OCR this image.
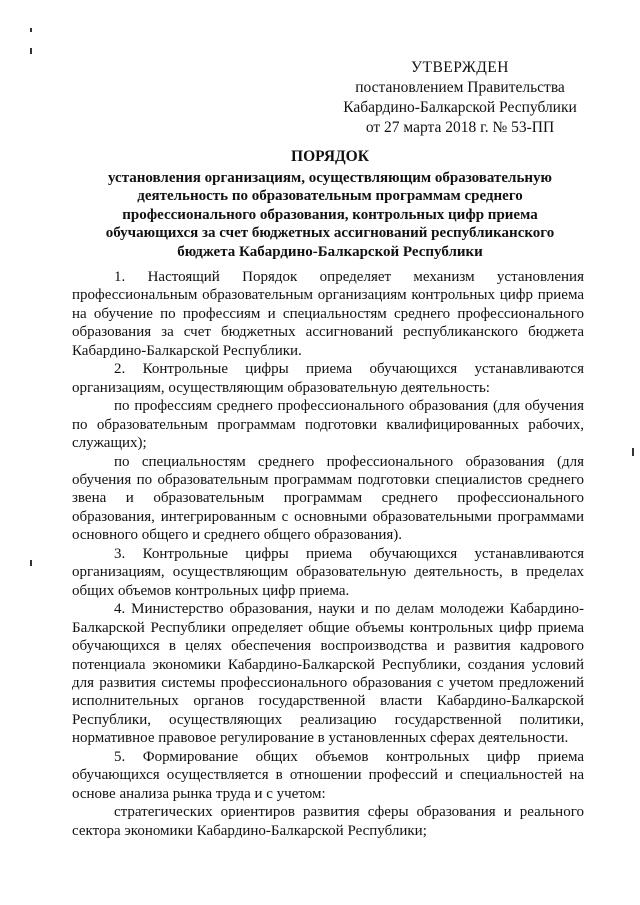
УТВЕРЖДЕН
постановлением Правительства
Кабардино-Балкарской Республики
от 27 марта 2018 г. № 53-ПП
ПОРЯДОК
установления организациям, осуществляющим образовательную
деятельность по образовательным программам среднего
профессионального образования, контрольных цифр приема
обучающихся за счет бюджетных ассигнований республиканского
бюджета Кабардино-Балкарской Республики

1. Настоящий Порядок определяет механизм установления профессиональным образовательным организациям контрольных цифр приема на обучение по профессиям и специальностям среднего профессионального образования за счет бюджетных ассигнований республиканского бюджета Кабардино-Балкарской Республики.

2. Контрольные цифры приема обучающихся устанавливаются организациям, осуществляющим образовательную деятельность:

по профессиям среднего профессионального образования (для обучения по образовательным программам подготовки квалифицированных рабочих, служащих);

по специальностям среднего профессионального образования (для обучения по образовательным программам подготовки специалистов среднего звена и образовательным программам среднего профессионального образования, интегрированным с основными образовательными программами основного общего и среднего общего образования).

3. Контрольные цифры приема обучающихся устанавливаются организациям, осуществляющим образовательную деятельность, в пределах общих объемов контрольных цифр приема.

4. Министерство образования, науки и по делам молодежи Кабардино-Балкарской Республики определяет общие объемы контрольных цифр приема обучающихся в целях обеспечения воспроизводства и развития кадрового потенциала экономики Кабардино-Балкарской Республики, создания условий для развития системы профессионального образования с учетом предложений исполнительных органов государственной власти Кабардино-Балкарской Республики, осуществляющих реализацию государственной политики, нормативное правовое регулирование в установленных сферах деятельности.

5. Формирование общих объемов контрольных цифр приема обучающихся осуществляется в отношении профессий и специальностей на основе анализа рынка труда и с учетом:

стратегических ориентиров развития сферы образования и реального сектора экономики Кабардино-Балкарской Республики;
